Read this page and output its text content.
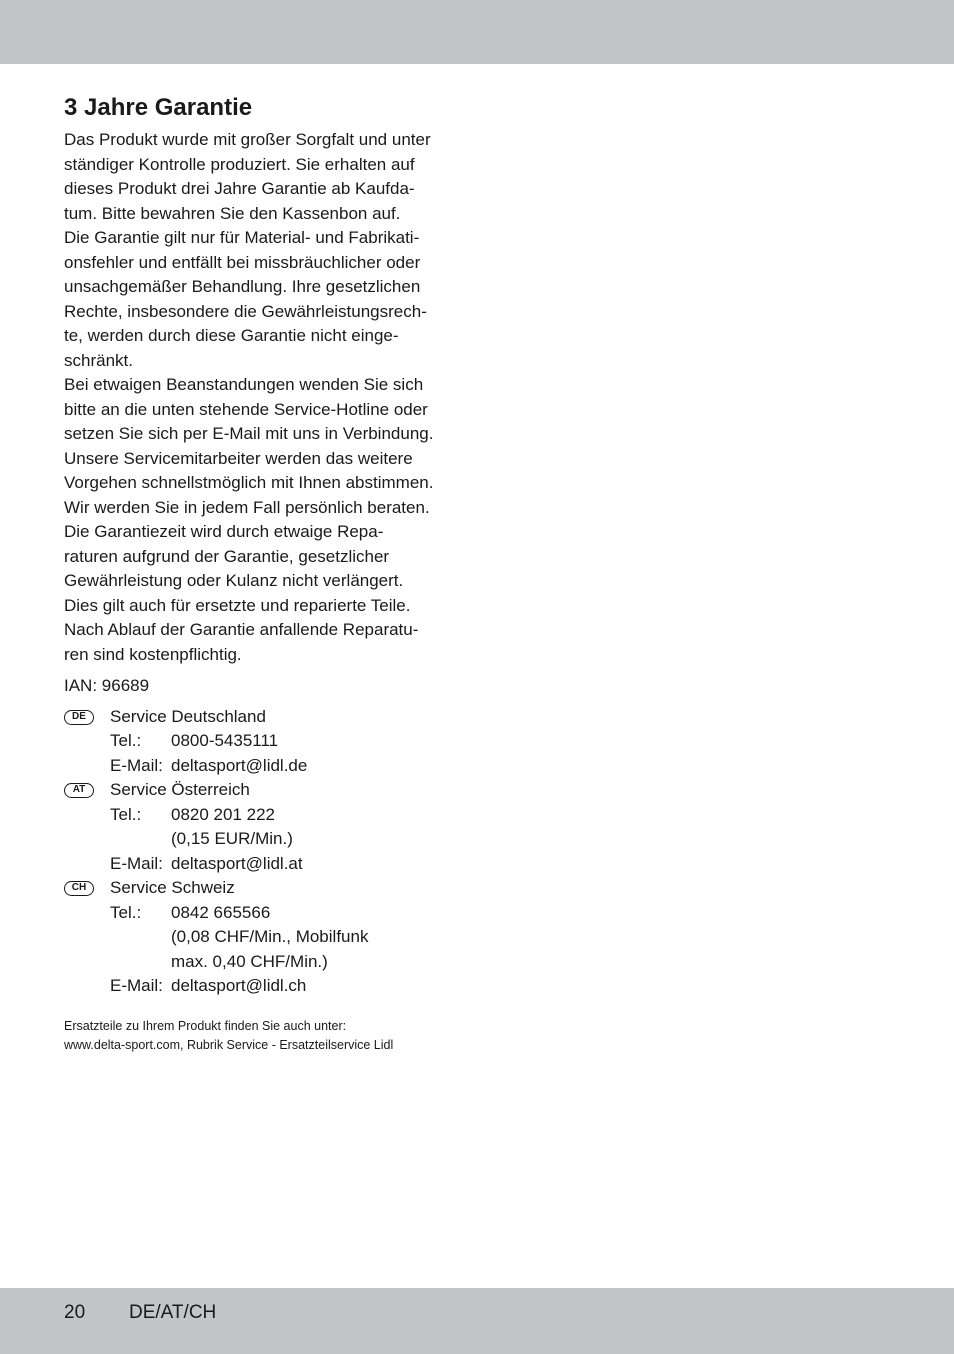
3 Jahre Garantie
Das Produkt wurde mit großer Sorgfalt und unter
ständiger Kontrolle produziert. Sie erhalten auf
dieses Produkt drei Jahre Garantie ab Kaufda-
tum. Bitte bewahren Sie den Kassenbon auf.
Die Garantie gilt nur für Material- und Fabrikati-
onsfehler und entfällt bei missbräuchlicher oder
unsachgemäßer Behandlung. Ihre gesetzlichen
Rechte, insbesondere die Gewährleistungsrech-
te, werden durch diese Garantie nicht einge-
schränkt.
Bei etwaigen Beanstandungen wenden Sie sich
bitte an die unten stehende Service-Hotline oder
setzen Sie sich per E-Mail mit uns in Verbindung.
Unsere Servicemitarbeiter werden das weitere
Vorgehen schnellstmöglich mit Ihnen abstimmen.
Wir werden Sie in jedem Fall persönlich beraten.
Die Garantiezeit wird durch etwaige Repa-
raturen aufgrund der Garantie, gesetzlicher
Gewährleistung oder Kulanz nicht verlängert.
Dies gilt auch für ersetzte und reparierte Teile.
Nach Ablauf der Garantie anfallende Reparatu-
ren sind kostenpflichtig.
IAN: 96689
DE	Service Deutschland
Tel.: 0800-5435111
E-Mail: deltasport@lidl.de
AT	Service Österreich
Tel.: 0820 201 222
(0,15 EUR/Min.)
E-Mail: deltasport@lidl.at
CH	Service Schweiz
Tel.: 0842 665566
(0,08 CHF/Min., Mobilfunk
max. 0,40 CHF/Min.)
E-Mail: deltasport@lidl.ch
Ersatzteile zu Ihrem Produkt finden Sie auch unter:
www.delta-sport.com, Rubrik Service - Ersatzteilservice Lidl
20 DE/AT/CH
